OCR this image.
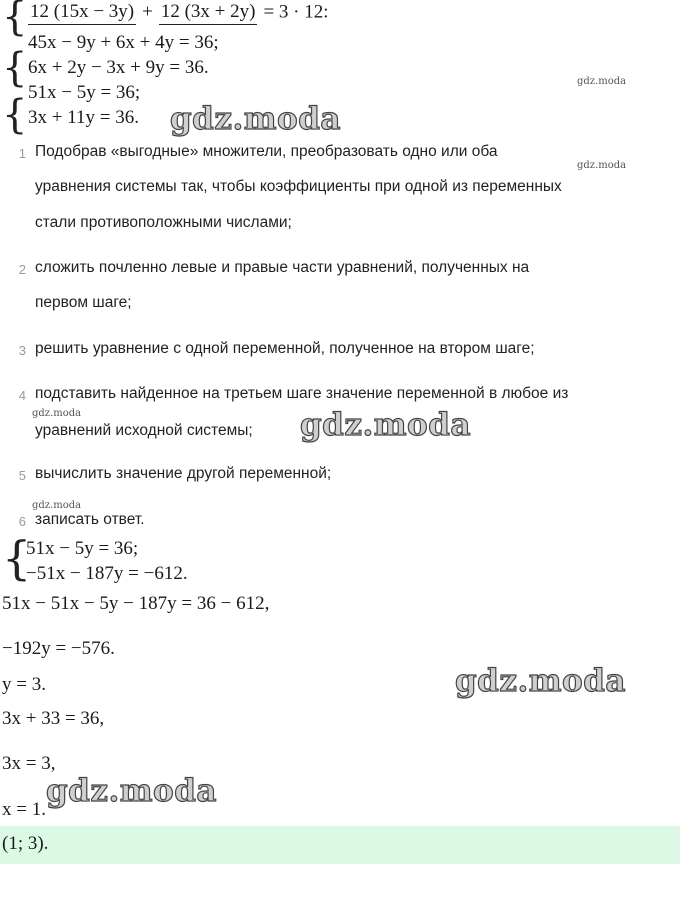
{
{
{
12 (15x − 3y) + 12 (3x + 2y) = 3 · 12:
45x − 9y + 6x + 4y = 36;
6x + 2y − 3x + 9y = 36.
51x − 5y = 36;
3x + 11y = 36.
1 Подобрав «выгодные» множители, преобразовать одно или оба
уравнения системы так, чтобы коэффициенты при одной из переменных
стали противоположными числами;
2 сложить почленно левые и правые части уравнений, полученных на
первом шаге;
3 решить уравнение с одной переменной, полученное на втором шаге;
4 подставить найденное на третьем шаге значение переменной в любое из
уравнений исходной системы;
5 вычислить значение другой переменной;
6 записать ответ.
{
51x − 5y = 36;
−51x − 187y = −612.
51x − 51x − 5y − 187y = 36 − 612,
−192y = −576.
y = 3.
3x + 33 = 36,
3x = 3,
x = 1.
(1; 3).
gdz.moda
gdz.moda
gdz.moda
gdz.moda
gdz.moda
gdz.moda
gdz.moda
gdz.moda
